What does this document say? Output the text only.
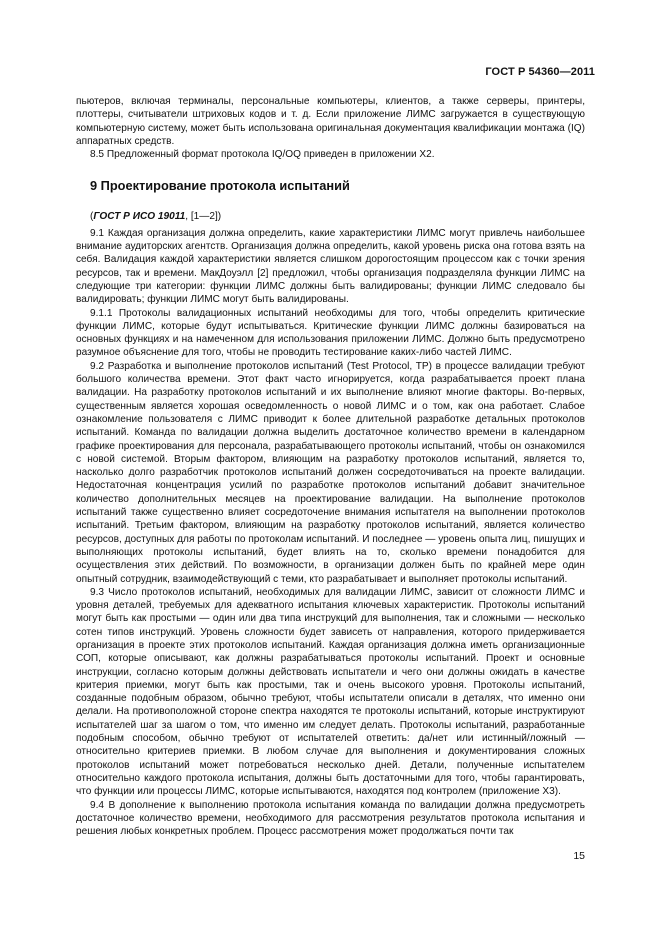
ГОСТ Р 54360—2011

пьютеров, включая терминалы, персональные компьютеры, клиентов, а также серверы, принтеры, плоттеры, считыватели штриховых кодов и т. д. Если приложение ЛИМС загружается в существующую компьютерную систему, может быть использована оригинальная документация квалификации монтажа (IQ) аппаратных средств.

8.5 Предложенный формат протокола IQ/OQ приведен в приложении Х2.

9 Проектирование протокола испытаний

(ГОСТ Р ИСО 19011, [1—2])

9.1 Каждая организация должна определить, какие характеристики ЛИМС могут привлечь наибольшее внимание аудиторских агентств. Организация должна определить, какой уровень риска она готова взять на себя. Валидация каждой характеристики является слишком дорогостоящим процессом как с точки зрения ресурсов, так и времени. МакДоуэлл [2] предложил, чтобы организация подразделяла функции ЛИМС на следующие три категории: функции ЛИМС должны быть валидированы; функции ЛИМС следовало бы валидировать; функции ЛИМС могут быть валидированы.

9.1.1 Протоколы валидационных испытаний необходимы для того, чтобы определить критические функции ЛИМС, которые будут испытываться. Критические функции ЛИМС должны базироваться на основных функциях и на намеченном для использования приложении ЛИМС. Должно быть предусмотрено разумное объяснение для того, чтобы не проводить тестирование каких-либо частей ЛИМС.

9.2 Разработка и выполнение протоколов испытаний (Test Protocol, TP) в процессе валидации требуют большого количества времени. Этот факт часто игнорируется, когда разрабатывается проект плана валидации. На разработку протоколов испытаний и их выполнение влияют многие факторы. Во-первых, существенным является хорошая осведомленность о новой ЛИМС и о том, как она работает. Слабое ознакомление пользователя с ЛИМС приводит к более длительной разработке детальных протоколов испытаний. Команда по валидации должна выделить достаточное количество времени в календарном графике проектирования для персонала, разрабатывающего протоколы испытаний, чтобы он ознакомился с новой системой. Вторым фактором, влияющим на разработку протоколов испытаний, является то, насколько долго разработчик протоколов испытаний должен сосредоточиваться на проекте валидации. Недостаточная концентрация усилий по разработке протоколов испытаний добавит значительное количество дополнительных месяцев на проектирование валидации. На выполнение протоколов испытаний также существенно влияет сосредоточение внимания испытателя на выполнении протоколов испытаний. Третьим фактором, влияющим на разработку протоколов испытаний, является количество ресурсов, доступных для работы по протоколам испытаний. И последнее — уровень опыта лиц, пишущих и выполняющих протоколы испытаний, будет влиять на то, сколько времени понадобится для осуществления этих действий. По возможности, в организации должен быть по крайней мере один опытный сотрудник, взаимодействующий с теми, кто разрабатывает и выполняет протоколы испытаний.

9.3 Число протоколов испытаний, необходимых для валидации ЛИМС, зависит от сложности ЛИМС и уровня деталей, требуемых для адекватного испытания ключевых характеристик. Протоколы испытаний могут быть как простыми — один или два типа инструкций для выполнения, так и сложными — несколько сотен типов инструкций. Уровень сложности будет зависеть от направления, которого придерживается организация в проекте этих протоколов испытаний. Каждая организация должна иметь организационные СОП, которые описывают, как должны разрабатываться протоколы испытаний. Проект и основные инструкции, согласно которым должны действовать испытатели и чего они должны ожидать в качестве критерия приемки, могут быть как простыми, так и очень высокого уровня. Протоколы испытаний, созданные подобным образом, обычно требуют, чтобы испытатели описали в деталях, что именно они делали. На противоположной стороне спектра находятся те протоколы испытаний, которые инструктируют испытателей шаг за шагом о том, что именно им следует делать. Протоколы испытаний, разработанные подобным способом, обычно требуют от испытателей ответить: да/нет или истинный/ложный — относительно критериев приемки. В любом случае для выполнения и документирования сложных протоколов испытаний может потребоваться несколько дней. Детали, полученные испытателем относительно каждого протокола испытания, должны быть достаточными для того, чтобы гарантировать, что функции или процессы ЛИМС, которые испытываются, находятся под контролем (приложение Х3).

9.4 В дополнение к выполнению протокола испытания команда по валидации должна предусмотреть достаточное количество времени, необходимого для рассмотрения результатов протокола испытания и решения любых конкретных проблем. Процесс рассмотрения может продолжаться почти так

15
